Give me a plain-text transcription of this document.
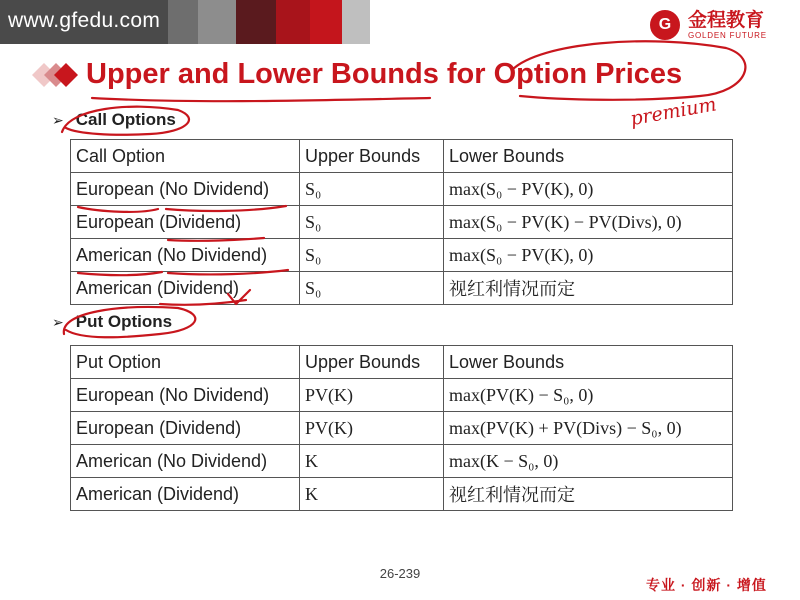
www.gfedu.com	G 金程教育
GOLDEN FUTURE
Upper and Lower Bounds for Option Prices
➢ Call Options
Call Option	Upper Bounds	Lower Bounds
European (No Dividend)	S₀	max(S₀ − PV(K), 0)
European (Dividend)	S₀	max(S₀ − PV(K) − PV(Divs), 0)
American (No Dividend)	S₀	max(S₀ − PV(K), 0)
American (Dividend)	S₀	视红利情况而定
➢ Put Options
Put Option	Upper Bounds	Lower Bounds
European (No Dividend)	PV(K)	max(PV(K) − S₀, 0)
European (Dividend)	PV(K)	max(PV(K) + PV(Divs) − S₀, 0)
American (No Dividend)	K	max(K − S₀, 0)
American (Dividend)	K	视红利情况而定
premium
26-239
专业 · 创新 · 增值
